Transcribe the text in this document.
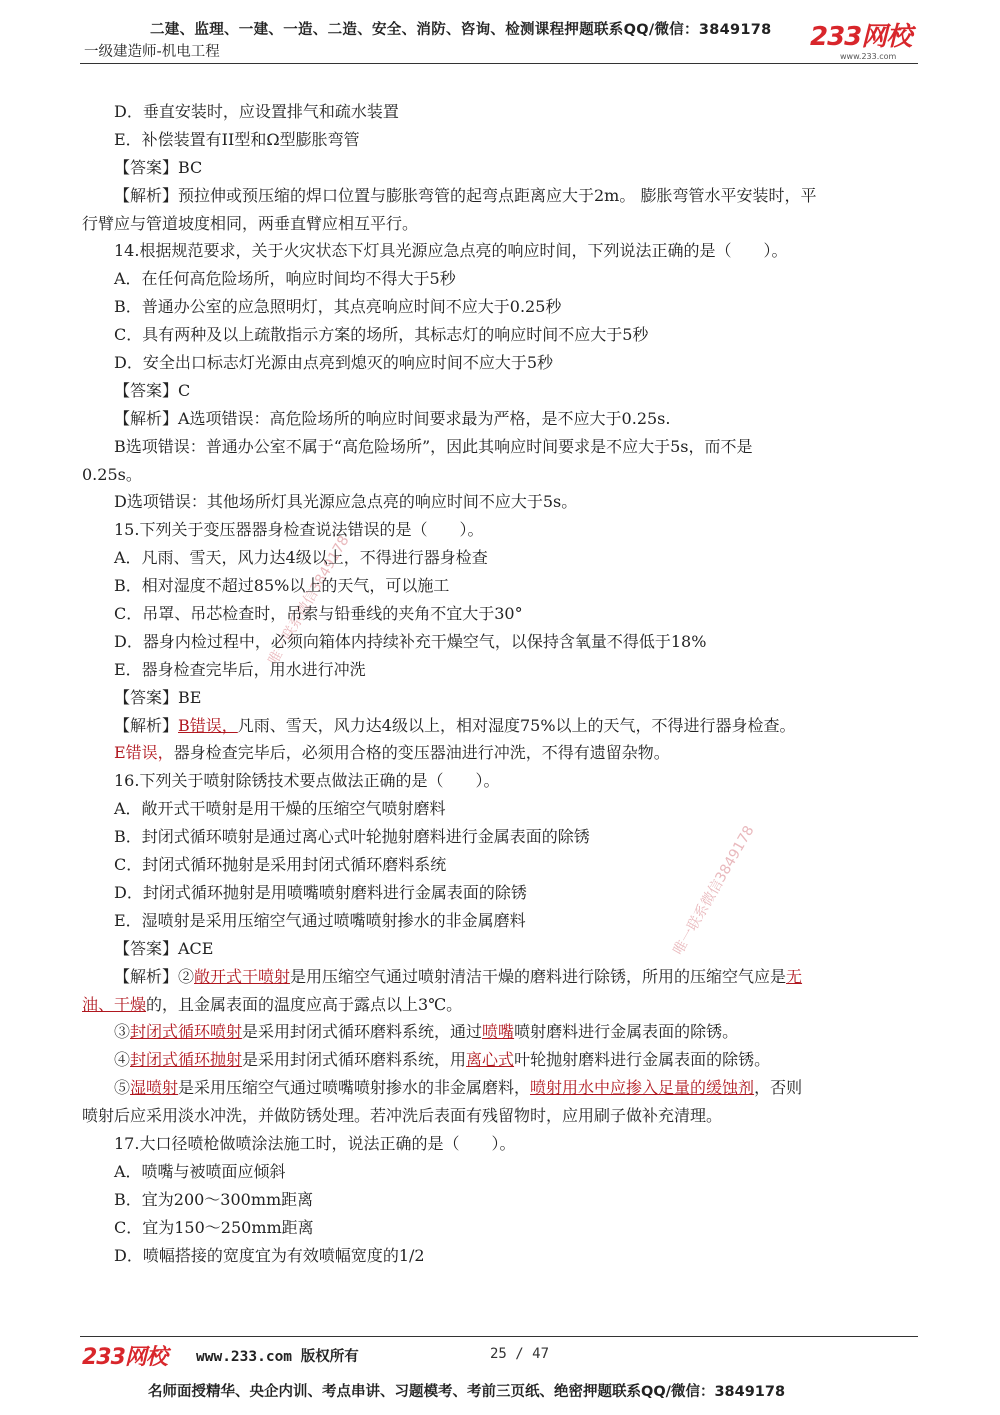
二建、监理、一建、一造、二造、安全、消防、咨询、检测课程押题联系QQ/微信：3849178
一级建造师-机电工程	233网校
www.233.com
唯一联系微信3849178
唯一联系微信3849178
D．垂直安装时，应设置排气和疏水装置
E．补偿装置有II型和Ω型膨胀弯管
【答案】BC
【解析】预拉伸或预压缩的焊口位置与膨胀弯管的起弯点距离应大于2m。 膨胀弯管水平安装时，平
行臂应与管道坡度相同，两垂直臂应相互平行。
14.根据规范要求，关于火灾状态下灯具光源应急点亮的响应时间，下列说法正确的是（　　）。
A．在任何高危险场所，响应时间均不得大于5秒
B．普通办公室的应急照明灯，其点亮响应时间不应大于0.25秒
C．具有两种及以上疏散指示方案的场所，其标志灯的响应时间不应大于5秒
D．安全出口标志灯光源由点亮到熄灭的响应时间不应大于5秒
【答案】C
【解析】A选项错误：高危险场所的响应时间要求最为严格，是不应大于0.25s.
B选项错误：普通办公室不属于“高危险场所”，因此其响应时间要求是不应大于5s，而不是
0.25s。
D选项错误：其他场所灯具光源应急点亮的响应时间不应大于5s。
15.下列关于变压器器身检查说法错误的是（　　）。
A．凡雨、雪天，风力达4级以上，不得进行器身检查
B．相对湿度不超过85%以上的天气，可以施工
C．吊罩、吊芯检查时，吊索与铅垂线的夹角不宜大于30°
D．器身内检过程中，必须向箱体内持续补充干燥空气，以保持含氧量不得低于18%
E．器身检查完毕后，用水进行冲洗
【答案】BE
【解析】B错误，凡雨、雪天，风力达4级以上，相对湿度75%以上的天气，不得进行器身检查。
E错误，器身检查完毕后，必须用合格的变压器油进行冲洗，不得有遗留杂物。
16.下列关于喷射除锈技术要点做法正确的是（　　）。
A．敞开式干喷射是用干燥的压缩空气喷射磨料
B．封闭式循环喷射是通过离心式叶轮抛射磨料进行金属表面的除锈
C．封闭式循环抛射是采用封闭式循环磨料系统
D．封闭式循环抛射是用喷嘴喷射磨料进行金属表面的除锈
E．湿喷射是采用压缩空气通过喷嘴喷射掺水的非金属磨料
【答案】ACE
【解析】②敞开式干喷射是用压缩空气通过喷射清洁干燥的磨料进行除锈，所用的压缩空气应是无
油、干燥的，且金属表面的温度应高于露点以上3℃。
③封闭式循环喷射是采用封闭式循环磨料系统，通过喷嘴喷射磨料进行金属表面的除锈。
④封闭式循环抛射是采用封闭式循环磨料系统，用离心式叶轮抛射磨料进行金属表面的除锈。
⑤湿喷射是采用压缩空气通过喷嘴喷射掺水的非金属磨料，喷射用水中应掺入足量的缓蚀剂，否则
喷射后应采用淡水冲洗，并做防锈处理。若冲洗后表面有残留物时，应用刷子做补充清理。
17.大口径喷枪做喷涂法施工时，说法正确的是（　　）。
A．喷嘴与被喷面应倾斜
B．宜为200～300mm距离
C．宜为150～250mm距离
D．喷幅搭接的宽度宜为有效喷幅宽度的1/2
233网校 www.233.com 版权所有	25 / 47
名师面授精华、央企内训、考点串讲、习题模考、考前三页纸、绝密押题联系QQ/微信：3849178
